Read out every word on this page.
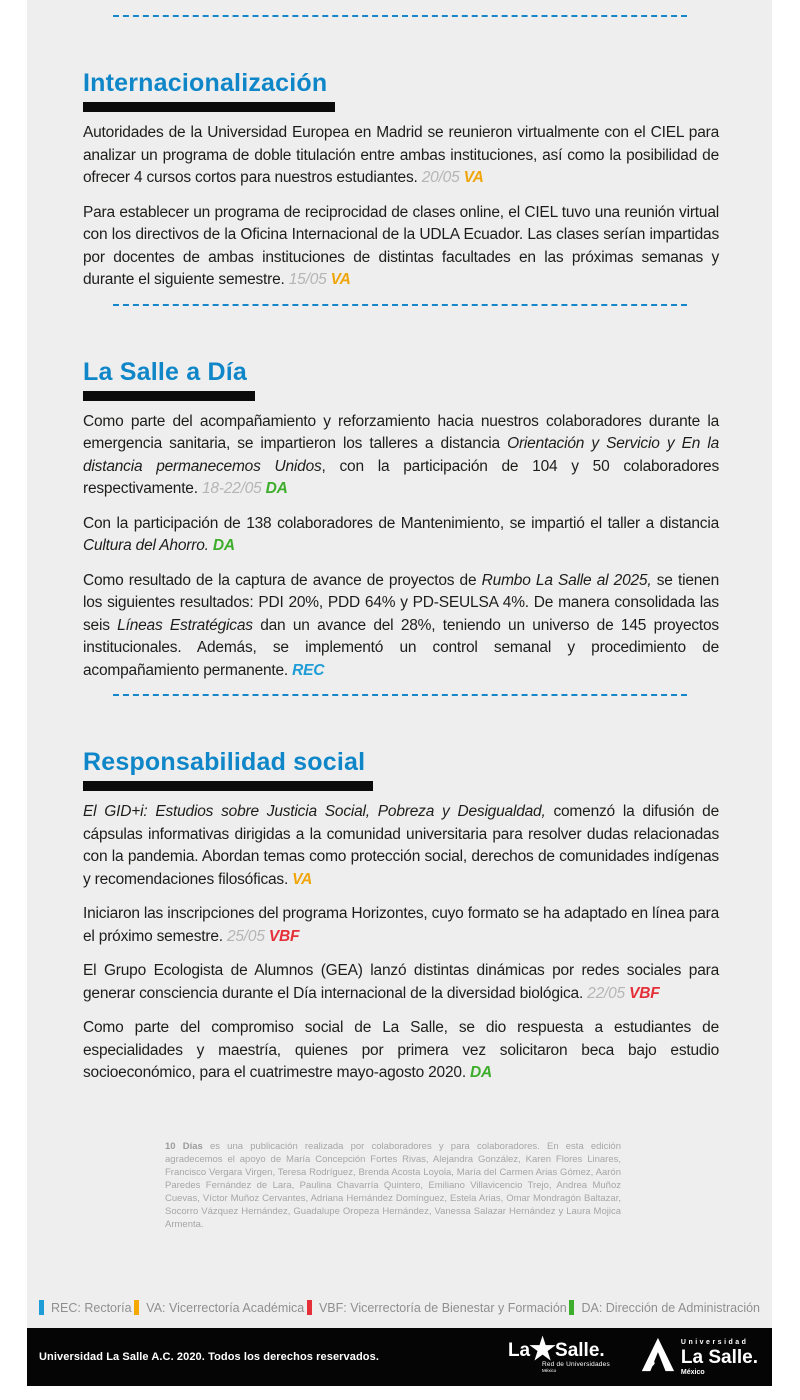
Internacionalización

Autoridades de la Universidad Europea en Madrid se reunieron virtualmente con el CIEL para analizar un programa de doble titulación entre ambas instituciones, así como la posibilidad de ofrecer 4 cursos cortos para nuestros estudiantes. 20/05 VA

Para establecer un programa de reciprocidad de clases online, el CIEL tuvo una reunión virtual con los directivos de la Oficina Internacional de la UDLA Ecuador. Las clases serían impartidas por docentes de ambas instituciones de distintas facultades en las próximas semanas y durante el siguiente semestre. 15/05 VA

La Salle a Día

Como parte del acompañamiento y reforzamiento hacia nuestros colaboradores durante la emergencia sanitaria, se impartieron los talleres a distancia Orientación y Servicio y En la distancia permanecemos Unidos, con la participación de 104 y 50 colaboradores respectivamente. 18-22/05 DA

Con la participación de 138 colaboradores de Mantenimiento, se impartió el taller a distancia Cultura del Ahorro. DA

Como resultado de la captura de avance de proyectos de Rumbo La Salle al 2025, se tienen los siguientes resultados: PDI 20%, PDD 64% y PD-SEULSA 4%. De manera consolidada las seis Líneas Estratégicas dan un avance del 28%, teniendo un universo de 145 proyectos institucionales. Además, se implementó un control semanal y procedimiento de acompañamiento permanente. REC

Responsabilidad social

El GID+i: Estudios sobre Justicia Social, Pobreza y Desigualdad, comenzó la difusión de cápsulas informativas dirigidas a la comunidad universitaria para resolver dudas relacionadas con la pandemia. Abordan temas como protección social, derechos de comunidades indígenas y recomendaciones filosóficas. VA

Iniciaron las inscripciones del programa Horizontes, cuyo formato se ha adaptado en línea para el próximo semestre. 25/05 VBF

El Grupo Ecologista de Alumnos (GEA) lanzó distintas dinámicas por redes sociales para generar consciencia durante el Día internacional de la diversidad biológica. 22/05 VBF

Como parte del compromiso social de La Salle, se dio respuesta a estudiantes de especialidades y maestría, quienes por primera vez solicitaron beca bajo estudio socioeconómico, para el cuatrimestre mayo-agosto 2020. DA

10 Días es una publicación realizada por colaboradores y para colaboradores. En esta edición agradecemos el apoyo de María Concepción Fortes Rivas, Alejandra González, Karen Flores Linares, Francisco Vergara Virgen, Teresa Rodríguez, Brenda Acosta Loyola, María del Carmen Arias Gómez, Aarón Paredes Fernández de Lara, Paulina Chavarría Quintero, Emiliano Villavicencio Trejo, Andrea Muñoz Cuevas, Víctor Muñoz Cervantes, Adriana Hernández Domínguez, Estela Arias, Omar Mondragón Baltazar, Socorro Vázquez Hernández, Guadalupe Oropeza Hernández, Vanessa Salazar Hernández y Laura Mojica Armenta.
REC: Rectoría VA: Vicerrectoría Académica VBF: Vicerrectoría de Bienestar y Formación DA: Dirección de Administración
Universidad La Salle A.C. 2020. Todos los derechos reservados.	La ★ Salle.
Red de Universidades
México
Universidad
La Salle.
México
